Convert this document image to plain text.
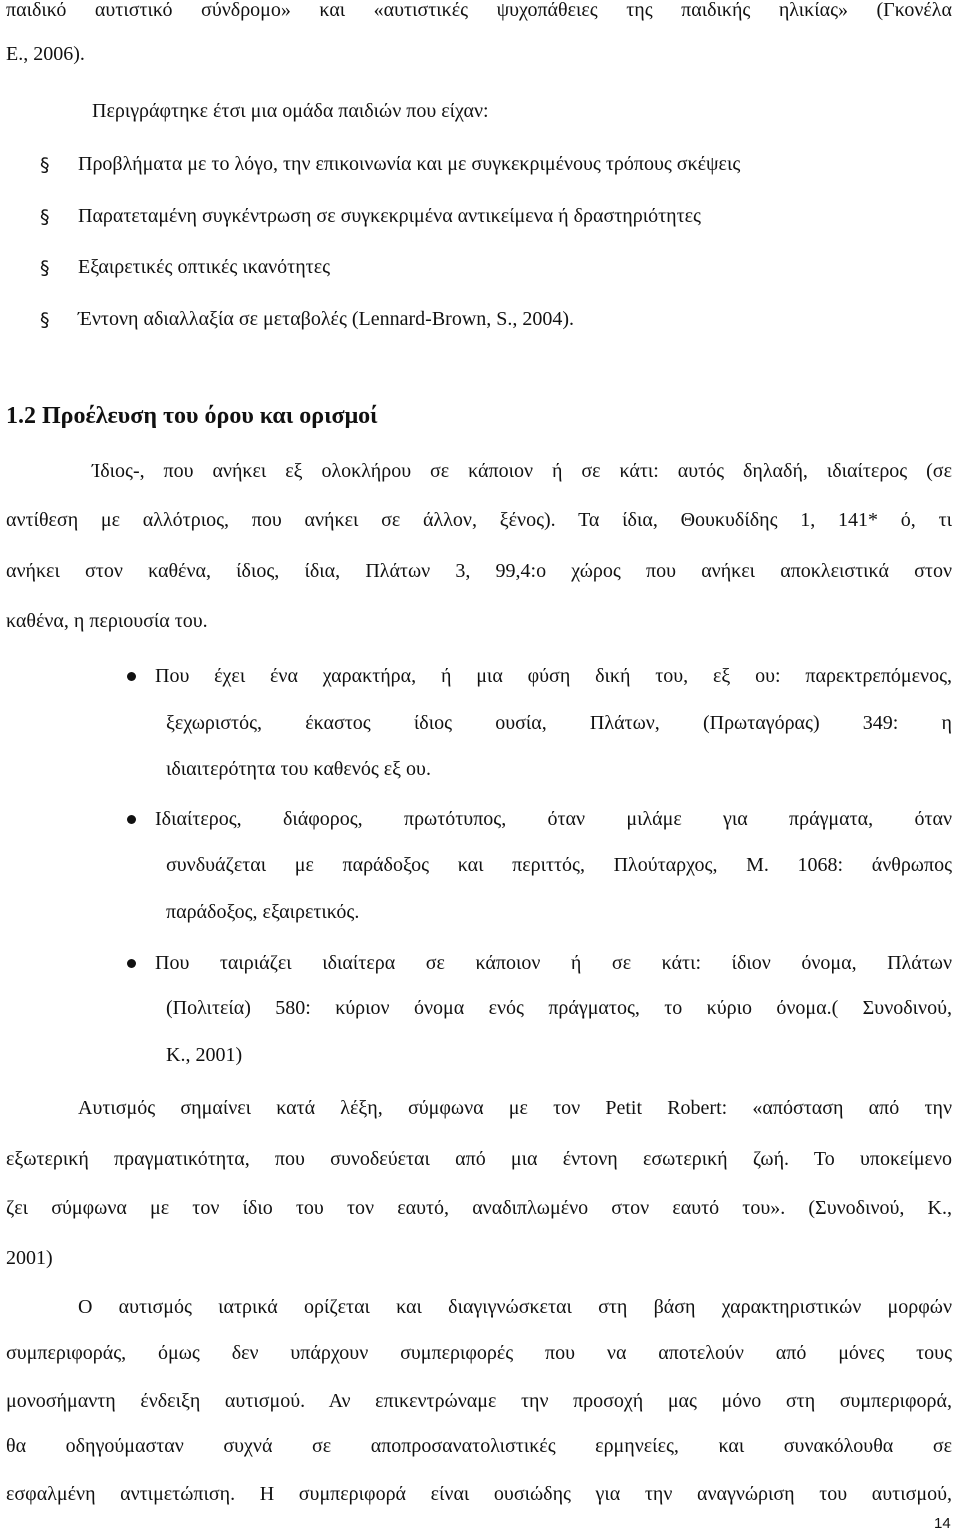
παιδικό αυτιστικό σύνδρομο» και «αυτιστικές ψυχοπάθειες της παιδικής ηλικίας» (Γκονέλα
Ε., 2006).
Περιγράφτηκε έτσι μια ομάδα παιδιών που είχαν:
§ Προβλήματα με το λόγο, την επικοινωνία και με συγκεκριμένους τρόπους σκέψεις
§ Παρατεταμένη συγκέντρωση σε συγκεκριμένα αντικείμενα ή δραστηριότητες
§ Εξαιρετικές οπτικές ικανότητες
§ Έντονη αδιαλλαξία σε μεταβολές (Lennard-Brown, S., 2004).
1.2 Προέλευση του όρου και ορισμοί
Ίδιος-, που ανήκει εξ ολοκλήρου σε κάποιον ή σε κάτι: αυτός δηλαδή, ιδιαίτερος (σε
αντίθεση με αλλότριος, που ανήκει σε άλλον, ξένος). Τα ίδια, Θουκυδίδης 1, 141* ό, τι
ανήκει στον καθένα, ίδιος, ίδια, Πλάτων 3, 99,4:ο χώρος που ανήκει αποκλειστικά στον
καθένα, η περιουσία του.
Που έχει ένα χαρακτήρα, ή μια φύση δική του, εξ ου: παρεκτρεπόμενος,
ξεχωριστός, έκαστος ίδιος ουσία, Πλάτων, (Πρωταγόρας) 349: η
ιδιαιτερότητα του καθενός εξ ου.
Ιδιαίτερος, διάφορος, πρωτότυπος, όταν μιλάμε για πράγματα, όταν
συνδυάζεται με παράδοξος και περιττός, Πλούταρχος, Μ. 1068: άνθρωπος
παράδοξος, εξαιρετικός.
Που ταιριάζει ιδιαίτερα σε κάποιον ή σε κάτι: ίδιον όνομα, Πλάτων
(Πολιτεία) 580: κύριον όνομα ενός πράγματος, το κύριο όνομα.( Συνοδινού,
Κ., 2001)
Αυτισμός σημαίνει κατά λέξη, σύμφωνα με τον Petit Robert: «απόσταση από την
εξωτερική πραγματικότητα, που συνοδεύεται από μια έντονη εσωτερική ζωή. Το υποκείμενο
ζει σύμφωνα με τον ίδιο του τον εαυτό, αναδιπλωμένο στον εαυτό του». (Συνοδινού, Κ.,
2001)
Ο αυτισμός ιατρικά ορίζεται και διαγιγνώσκεται στη βάση χαρακτηριστικών μορφών
συμπεριφοράς, όμως δεν υπάρχουν συμπεριφορές που να αποτελούν από μόνες τους
μονοσήμαντη ένδειξη αυτισμού. Αν επικεντρώναμε την προσοχή μας μόνο στη συμπεριφορά,
θα οδηγούμασταν συχνά σε αποπροσανατολιστικές ερμηνείες, και συνακόλουθα σε
εσφαλμένη αντιμετώπιση. Η συμπεριφορά είναι ουσιώδης για την αναγνώριση του αυτισμού,
14
